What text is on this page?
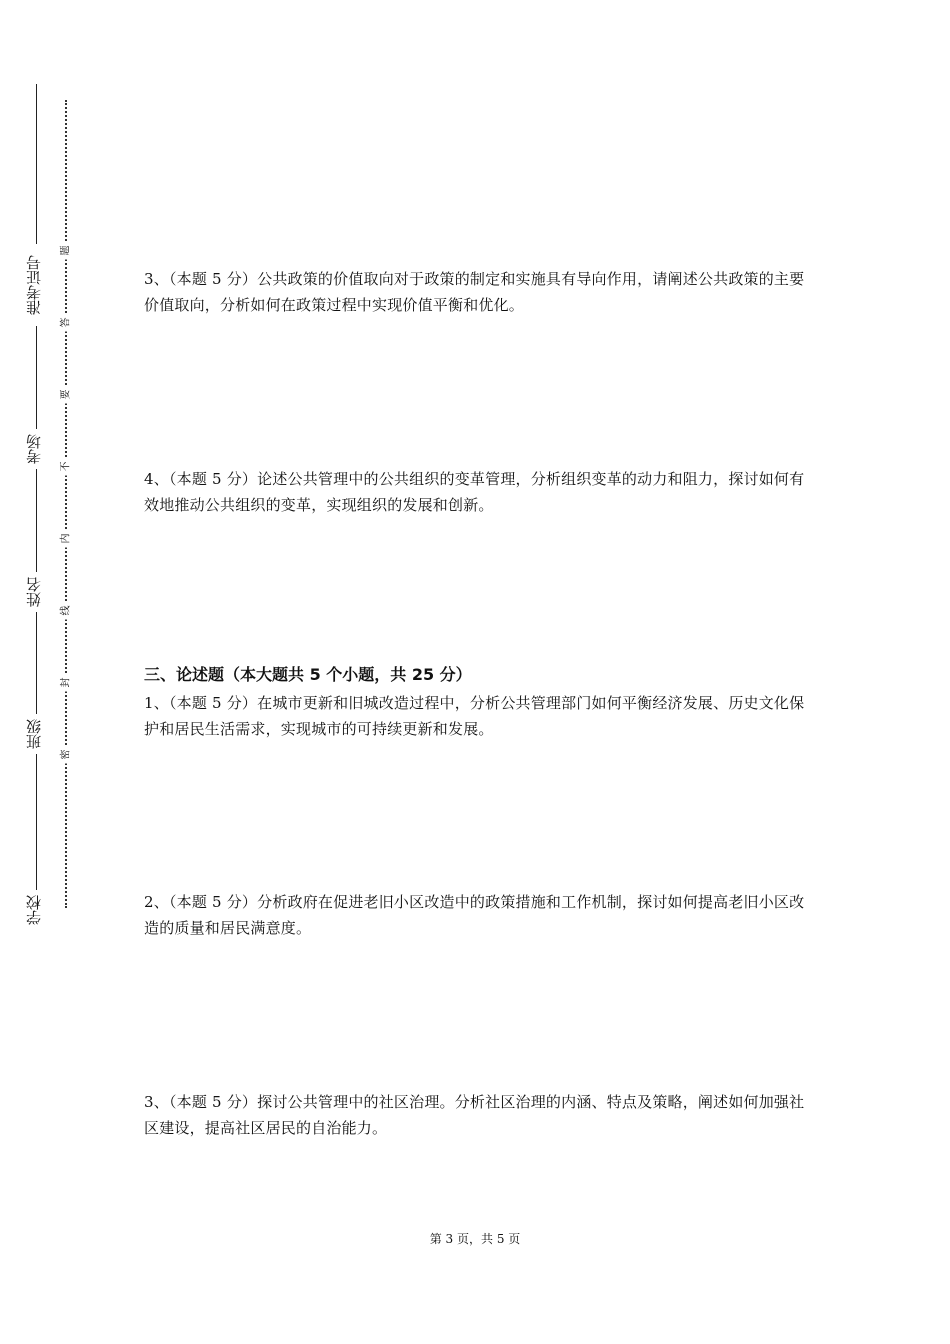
准考证号
考场
姓名
班级
学校
题
答
要
不
内
线
封
密
3、（本题 5 分）公共政策的价值取向对于政策的制定和实施具有导向作用，请阐述公共政策的主要价值取向，分析如何在政策过程中实现价值平衡和优化。
4、（本题 5 分）论述公共管理中的公共组织的变革管理，分析组织变革的动力和阻力，探讨如何有效地推动公共组织的变革，实现组织的发展和创新。
三、论述题（本大题共 5 个小题，共 25 分）
1、（本题 5 分）在城市更新和旧城改造过程中，分析公共管理部门如何平衡经济发展、历史文化保护和居民生活需求，实现城市的可持续更新和发展。
2、（本题 5 分）分析政府在促进老旧小区改造中的政策措施和工作机制，探讨如何提高老旧小区改造的质量和居民满意度。
3、（本题 5 分）探讨公共管理中的社区治理。分析社区治理的内涵、特点及策略，阐述如何加强社区建设，提高社区居民的自治能力。
第 3 页，共 5 页
